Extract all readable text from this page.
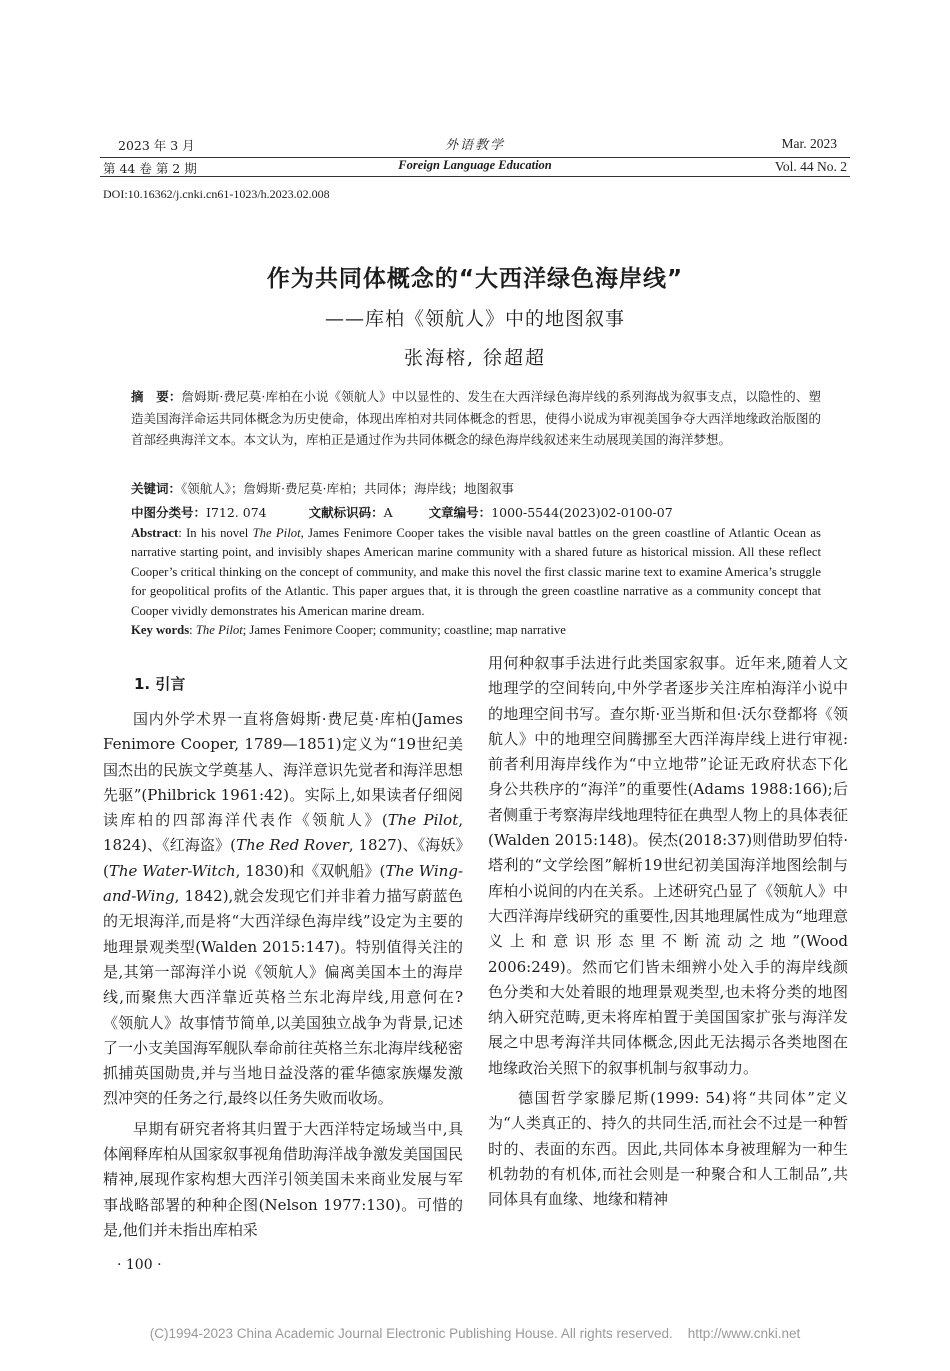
2023 年 3 月
第 44 卷 第 2 期
外语教学
Foreign Language Education
Mar. 2023
Vol. 44 No. 2
DOI:10.16362/j.cnki.cn61-1023/h.2023.02.008
作为共同体概念的“大西洋绿色海岸线”
——库柏《领航人》中的地图叙事
张海榕, 徐超超
摘　要：詹姆斯·费尼莫·库柏在小说《领航人》中以显性的、发生在大西洋绿色海岸线的系列海战为叙事支点，以隐性的、塑造美国海洋命运共同体概念为历史使命，体现出库柏对共同体概念的哲思，使得小说成为审视美国争夺大西洋地缘政治版图的首部经典海洋文本。本文认为，库柏正是通过作为共同体概念的绿色海岸线叙述来生动展现美国的海洋梦想。
关键词：《领航人》；詹姆斯·费尼莫·库柏；共同体；海岸线；地图叙事
中图分类号：I712. 074	文献标识码：A	文章编号：1000-5544(2023)02-0100-07
Abstract: In his novel The Pilot, James Fenimore Cooper takes the visible naval battles on the green coastline of Atlantic Ocean as narrative starting point, and invisibly shapes American marine community with a shared future as historical mission. All these reflect Cooper’s critical thinking on the concept of community, and make this novel the first classic marine text to examine America’s struggle for geopolitical profits of the Atlantic. This paper argues that, it is through the green coastline narrative as a community concept that Cooper vividly demonstrates his American marine dream.
Key words: The Pilot; James Fenimore Cooper; community; coastline; map narrative
1. 引言

国内外学术界一直将詹姆斯·费尼莫·库柏(James Fenimore Cooper, 1789—1851)定义为“19世纪美国杰出的民族文学奠基人、海洋意识先觉者和海洋思想先驱”(Philbrick 1961:42)。实际上,如果读者仔细阅读库柏的四部海洋代表作《领航人》(The Pilot, 1824)、《红海盗》(The Red Rover, 1827)、《海妖》(The Water-Witch, 1830)和《双帆船》(The Wing-and-Wing, 1842),就会发现它们并非着力描写蔚蓝色的无垠海洋,而是将“大西洋绿色海岸线”设定为主要的地理景观类型(Walden 2015:147)。特别值得关注的是,其第一部海洋小说《领航人》偏离美国本土的海岸线,而聚焦大西洋靠近英格兰东北海岸线,用意何在?《领航人》故事情节简单,以美国独立战争为背景,记述了一小支美国海军舰队奉命前往英格兰东北海岸线秘密抓捕英国勋贵,并与当地日益没落的霍华德家族爆发激烈冲突的任务之行,最终以任务失败而收场。

早期有研究者将其归置于大西洋特定场域当中,具体阐释库柏从国家叙事视角借助海洋战争激发美国国民精神,展现作家构想大西洋引领美国未来商业发展与军事战略部署的种种企图(Nelson 1977:130)。可惜的是,他们并未指出库柏采

用何种叙事手法进行此类国家叙事。近年来,随着人文地理学的空间转向,中外学者逐步关注库柏海洋小说中的地理空间书写。查尔斯·亚当斯和但·沃尔登都将《领航人》中的地理空间腾挪至大西洋海岸线上进行审视:前者利用海岸线作为“中立地带”论证无政府状态下化身公共秩序的“海洋”的重要性(Adams 1988:166);后者侧重于考察海岸线地理特征在典型人物上的具体表征(Walden 2015:148)。侯杰(2018:37)则借助罗伯特·塔利的“文学绘图”解析19世纪初美国海洋地图绘制与库柏小说间的内在关系。上述研究凸显了《领航人》中大西洋海岸线研究的重要性,因其地理属性成为“地理意义上和意识形态里不断流动之地”(Wood 2006:249)。然而它们皆未细辨小处入手的海岸线颜色分类和大处着眼的地理景观类型,也未将分类的地图纳入研究范畴,更未将库柏置于美国国家扩张与海洋发展之中思考海洋共同体概念,因此无法揭示各类地图在地缘政治关照下的叙事机制与叙事动力。

德国哲学家滕尼斯(1999: 54)将“共同体”定义为“人类真正的、持久的共同生活,而社会不过是一种暂时的、表面的东西。因此,共同体本身被理解为一种生机勃勃的有机体,而社会则是一种聚合和人工制品”,共同体具有血缘、地缘和精神

· 100 ·
(C)1994-2023 China Academic Journal Electronic Publishing House. All rights reserved.    http://www.cnki.net
